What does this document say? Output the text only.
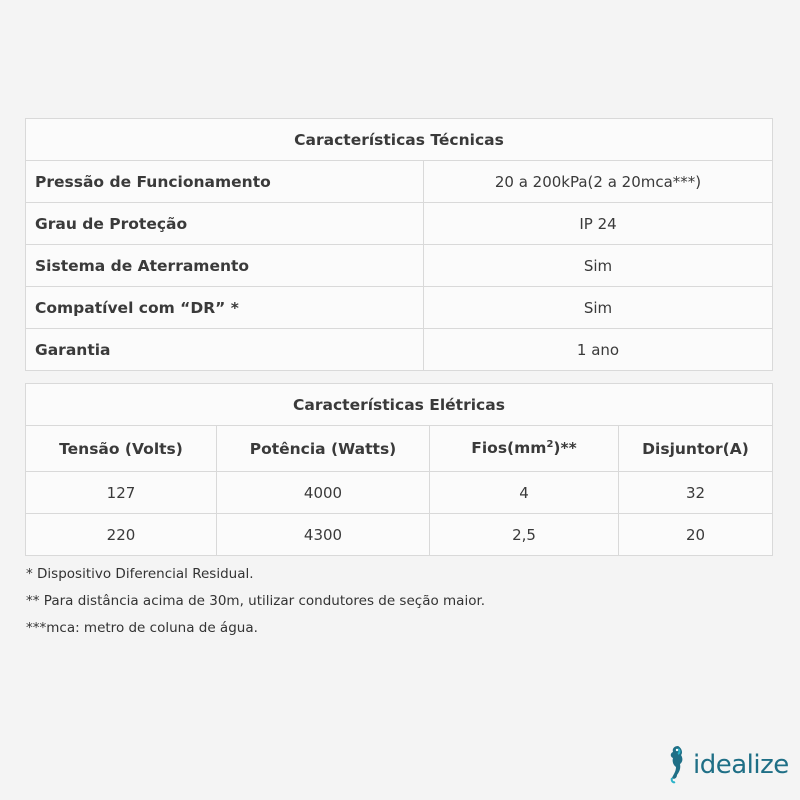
Características Técnicas	
Pressão de Funcionamento	20 a 200kPa(2 a 20mca***)
Grau de Proteção	IP 24
Sistema de Aterramento	Sim
Compatível com “DR” *	Sim
Garantia	1 ano
Características Elétricas			
Tensão (Volts)	Potência (Watts)	$Fios(mm^2)**$	Disjuntor(A)
127	4000	4	32
220	4300	2,5	20
* Dispositivo Diferencial Residual.
** Para distância acima de 30m, utilizar condutores de seção maior.
***mca: metro de coluna de água.
idealize
